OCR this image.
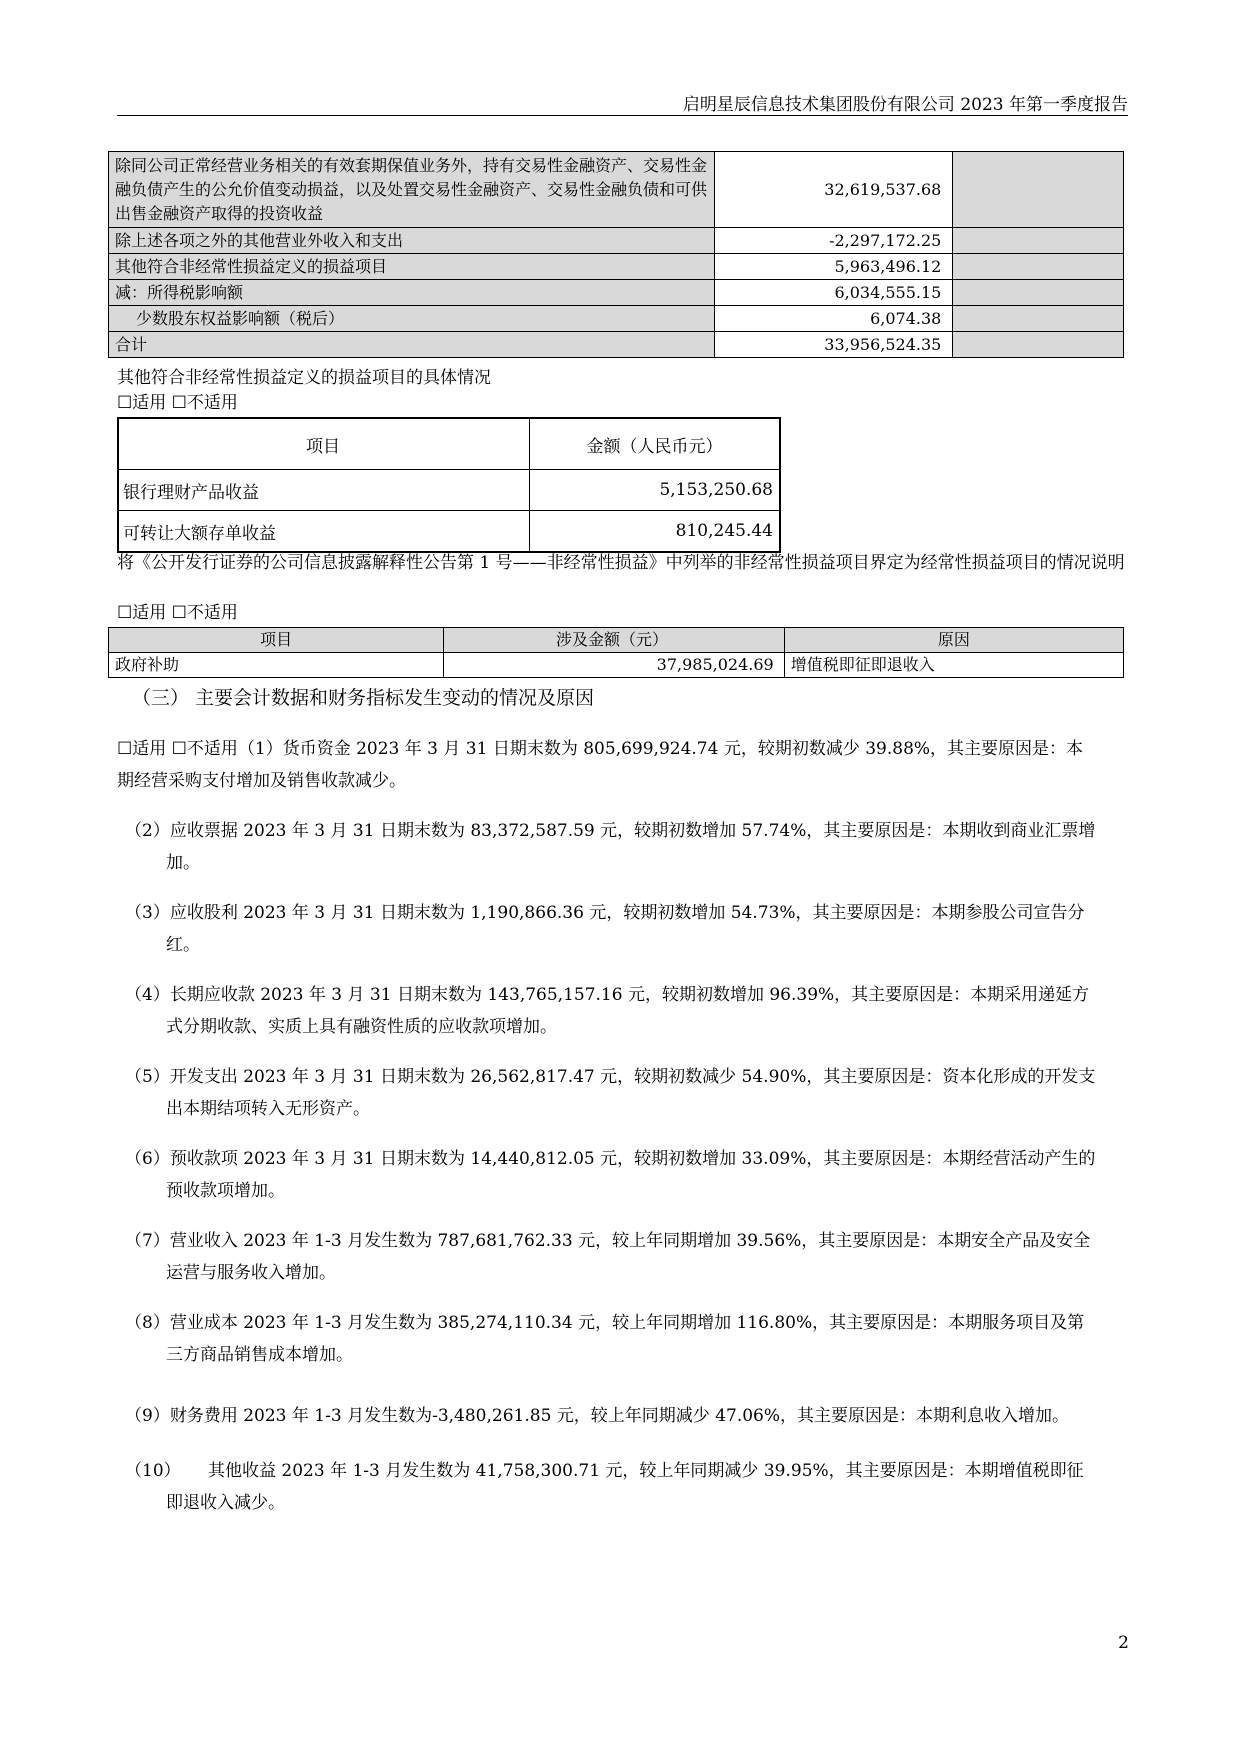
启明星辰信息技术集团股份有限公司 2023 年第一季度报告
除同公司正常经营业务相关的有效套期保值业务外，持有交易性金融资产、交易性金融负债产生的公允价值变动损益，以及处置交易性金融资产、交易性金融负债和可供出售金融资产取得的投资收益	32,619,537.68	
除上述各项之外的其他营业外收入和支出	-2,297,172.25	
其他符合非经常性损益定义的损益项目	5,963,496.12	
减：所得税影响额	6,034,555.15	
少数股东权益影响额（税后）	6,074.38	
合计	33,956,524.35	

其他符合非经常性损益定义的损益项目的具体情况

☐适用 ☐不适用

项目	金额（人民币元）
银行理财产品收益	5,153,250.68
可转让大额存单收益	810,245.44

将《公开发行证券的公司信息披露解释性公告第 1 号——非经常性损益》中列举的非经常性损益项目界定为经常性损益项目的情况说明

☐适用 ☐不适用

项目	涉及金额（元）	原因
政府补助	37,985,024.69	增值税即征即退收入
（三） 主要会计数据和财务指标发生变动的情况及原因

☐适用 ☐不适用（1）货币资金 2023 年 3 月 31 日期末数为 805,699,924.74 元，较期初数减少 39.88%，其主要原因是：本
期经营采购支付增加及销售收款减少。

（2）应收票据 2023 年 3 月 31 日期末数为 83,372,587.59 元，较期初数增加 57.74%，其主要原因是：本期收到商业汇票增
加。

（3）应收股利 2023 年 3 月 31 日期末数为 1,190,866.36 元，较期初数增加 54.73%，其主要原因是：本期参股公司宣告分
红。

（4）长期应收款 2023 年 3 月 31 日期末数为 143,765,157.16 元，较期初数增加 96.39%，其主要原因是：本期采用递延方
式分期收款、实质上具有融资性质的应收款项增加。

（5）开发支出 2023 年 3 月 31 日期末数为 26,562,817.47 元，较期初数减少 54.90%，其主要原因是：资本化形成的开发支
出本期结项转入无形资产。

（6）预收款项 2023 年 3 月 31 日期末数为 14,440,812.05 元，较期初数增加 33.09%，其主要原因是：本期经营活动产生的
预收款项增加。

（7）营业收入 2023 年 1-3 月发生数为 787,681,762.33 元，较上年同期增加 39.56%，其主要原因是：本期安全产品及安全
运营与服务收入增加。

（8）营业成本 2023 年 1-3 月发生数为 385,274,110.34 元，较上年同期增加 116.80%，其主要原因是：本期服务项目及第
三方商品销售成本增加。

（9）财务费用 2023 年 1-3 月发生数为-3,480,261.85 元，较上年同期减少 47.06%，其主要原因是：本期利息收入增加。

（10） 其他收益 2023 年 1-3 月发生数为 41,758,300.71 元，较上年同期减少 39.95%，其主要原因是：本期增值税即征
即退收入减少。

2
